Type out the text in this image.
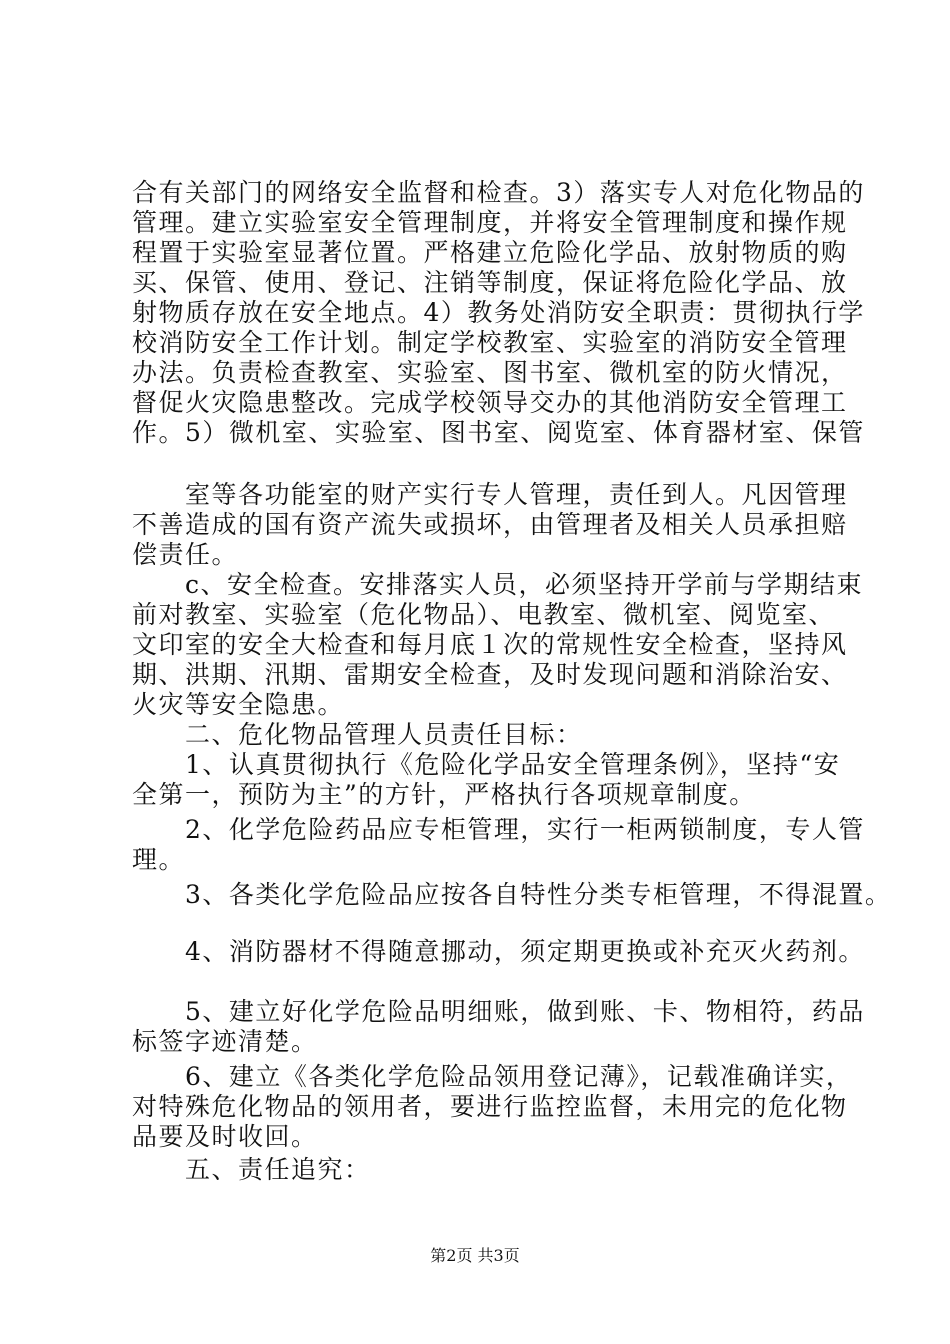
合有关部门的网络安全监督和检查。3）落实专人对危化物品的
管理。建立实验室安全管理制度，并将安全管理制度和操作规
程置于实验室显著位置。严格建立危险化学品、放射物质的购
买、保管、使用、登记、注销等制度，保证将危险化学品、放
射物质存放在安全地点。4）教务处消防安全职责：贯彻执行学
校消防安全工作计划。制定学校教室、实验室的消防安全管理
办法。负责检查教室、实验室、图书室、微机室的防火情况，
督促火灾隐患整改。完成学校领导交办的其他消防安全管理工
作。5）微机室、实验室、图书室、阅览室、体育器材室、保管
　　室等各功能室的财产实行专人管理，责任到人。凡因管理
不善造成的国有资产流失或损坏，由管理者及相关人员承担赔
偿责任。
　　c、安全检查。安排落实人员，必须坚持开学前与学期结束
前对教室、实验室（危化物品）、电教室、微机室、阅览室、
文印室的安全大检查和每月底１次的常规性安全检查，坚持风
期、洪期、汛期、雷期安全检查，及时发现问题和消除治安、
火灾等安全隐患。
　　二、危化物品管理人员责任目标：
　　1、认真贯彻执行《危险化学品安全管理条例》，坚持“安
全第一，预防为主”的方针，严格执行各项规章制度。
　　2、化学危险药品应专柜管理，实行一柜两锁制度，专人管
理。
　　3、各类化学危险品应按各自特性分类专柜管理，不得混置。
　　4、消防器材不得随意挪动，须定期更换或补充灭火药剂。
　　5、建立好化学危险品明细账，做到账、卡、物相符，药品
标签字迹清楚。
　　6、建立《各类化学危险品领用登记薄》，记载准确详实，
对特殊危化物品的领用者，要进行监控监督，未用完的危化物
品要及时收回。
　　五、责任追究：
第2页 共3页
